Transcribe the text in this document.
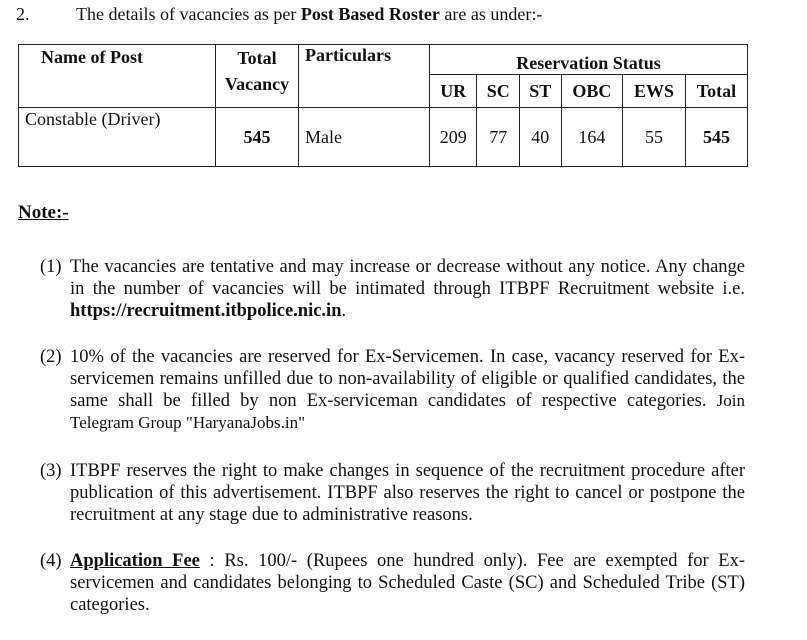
2.	The details of vacancies as per Post Based Roster are as under:-
Name of Post	Total Vacancy	Particulars	Reservation Status					
			UR	SC	ST	OBC	EWS	Total
Constable (Driver)	545	Male	209	77	40	164	55	545
Note:-
(1) The vacancies are tentative and may increase or decrease without any notice. Any change in the number of vacancies will be intimated through ITBPF Recruitment website i.e. https://recruitment.itbpolice.nic.in.
(2) 10% of the vacancies are reserved for Ex-Servicemen. In case, vacancy reserved for Ex-servicemen remains unfilled due to non-availability of eligible or qualified candidates, the same shall be filled by non Ex-serviceman candidates of respective categories. Join Telegram Group "HaryanaJobs.in"
(3) ITBPF reserves the right to make changes in sequence of the recruitment procedure after publication of this advertisement. ITBPF also reserves the right to cancel or postpone the recruitment at any stage due to administrative reasons.
(4) Application Fee : Rs. 100/- (Rupees one hundred only). Fee are exempted for Ex-servicemen and candidates belonging to Scheduled Caste (SC) and Scheduled Tribe (ST) categories.
